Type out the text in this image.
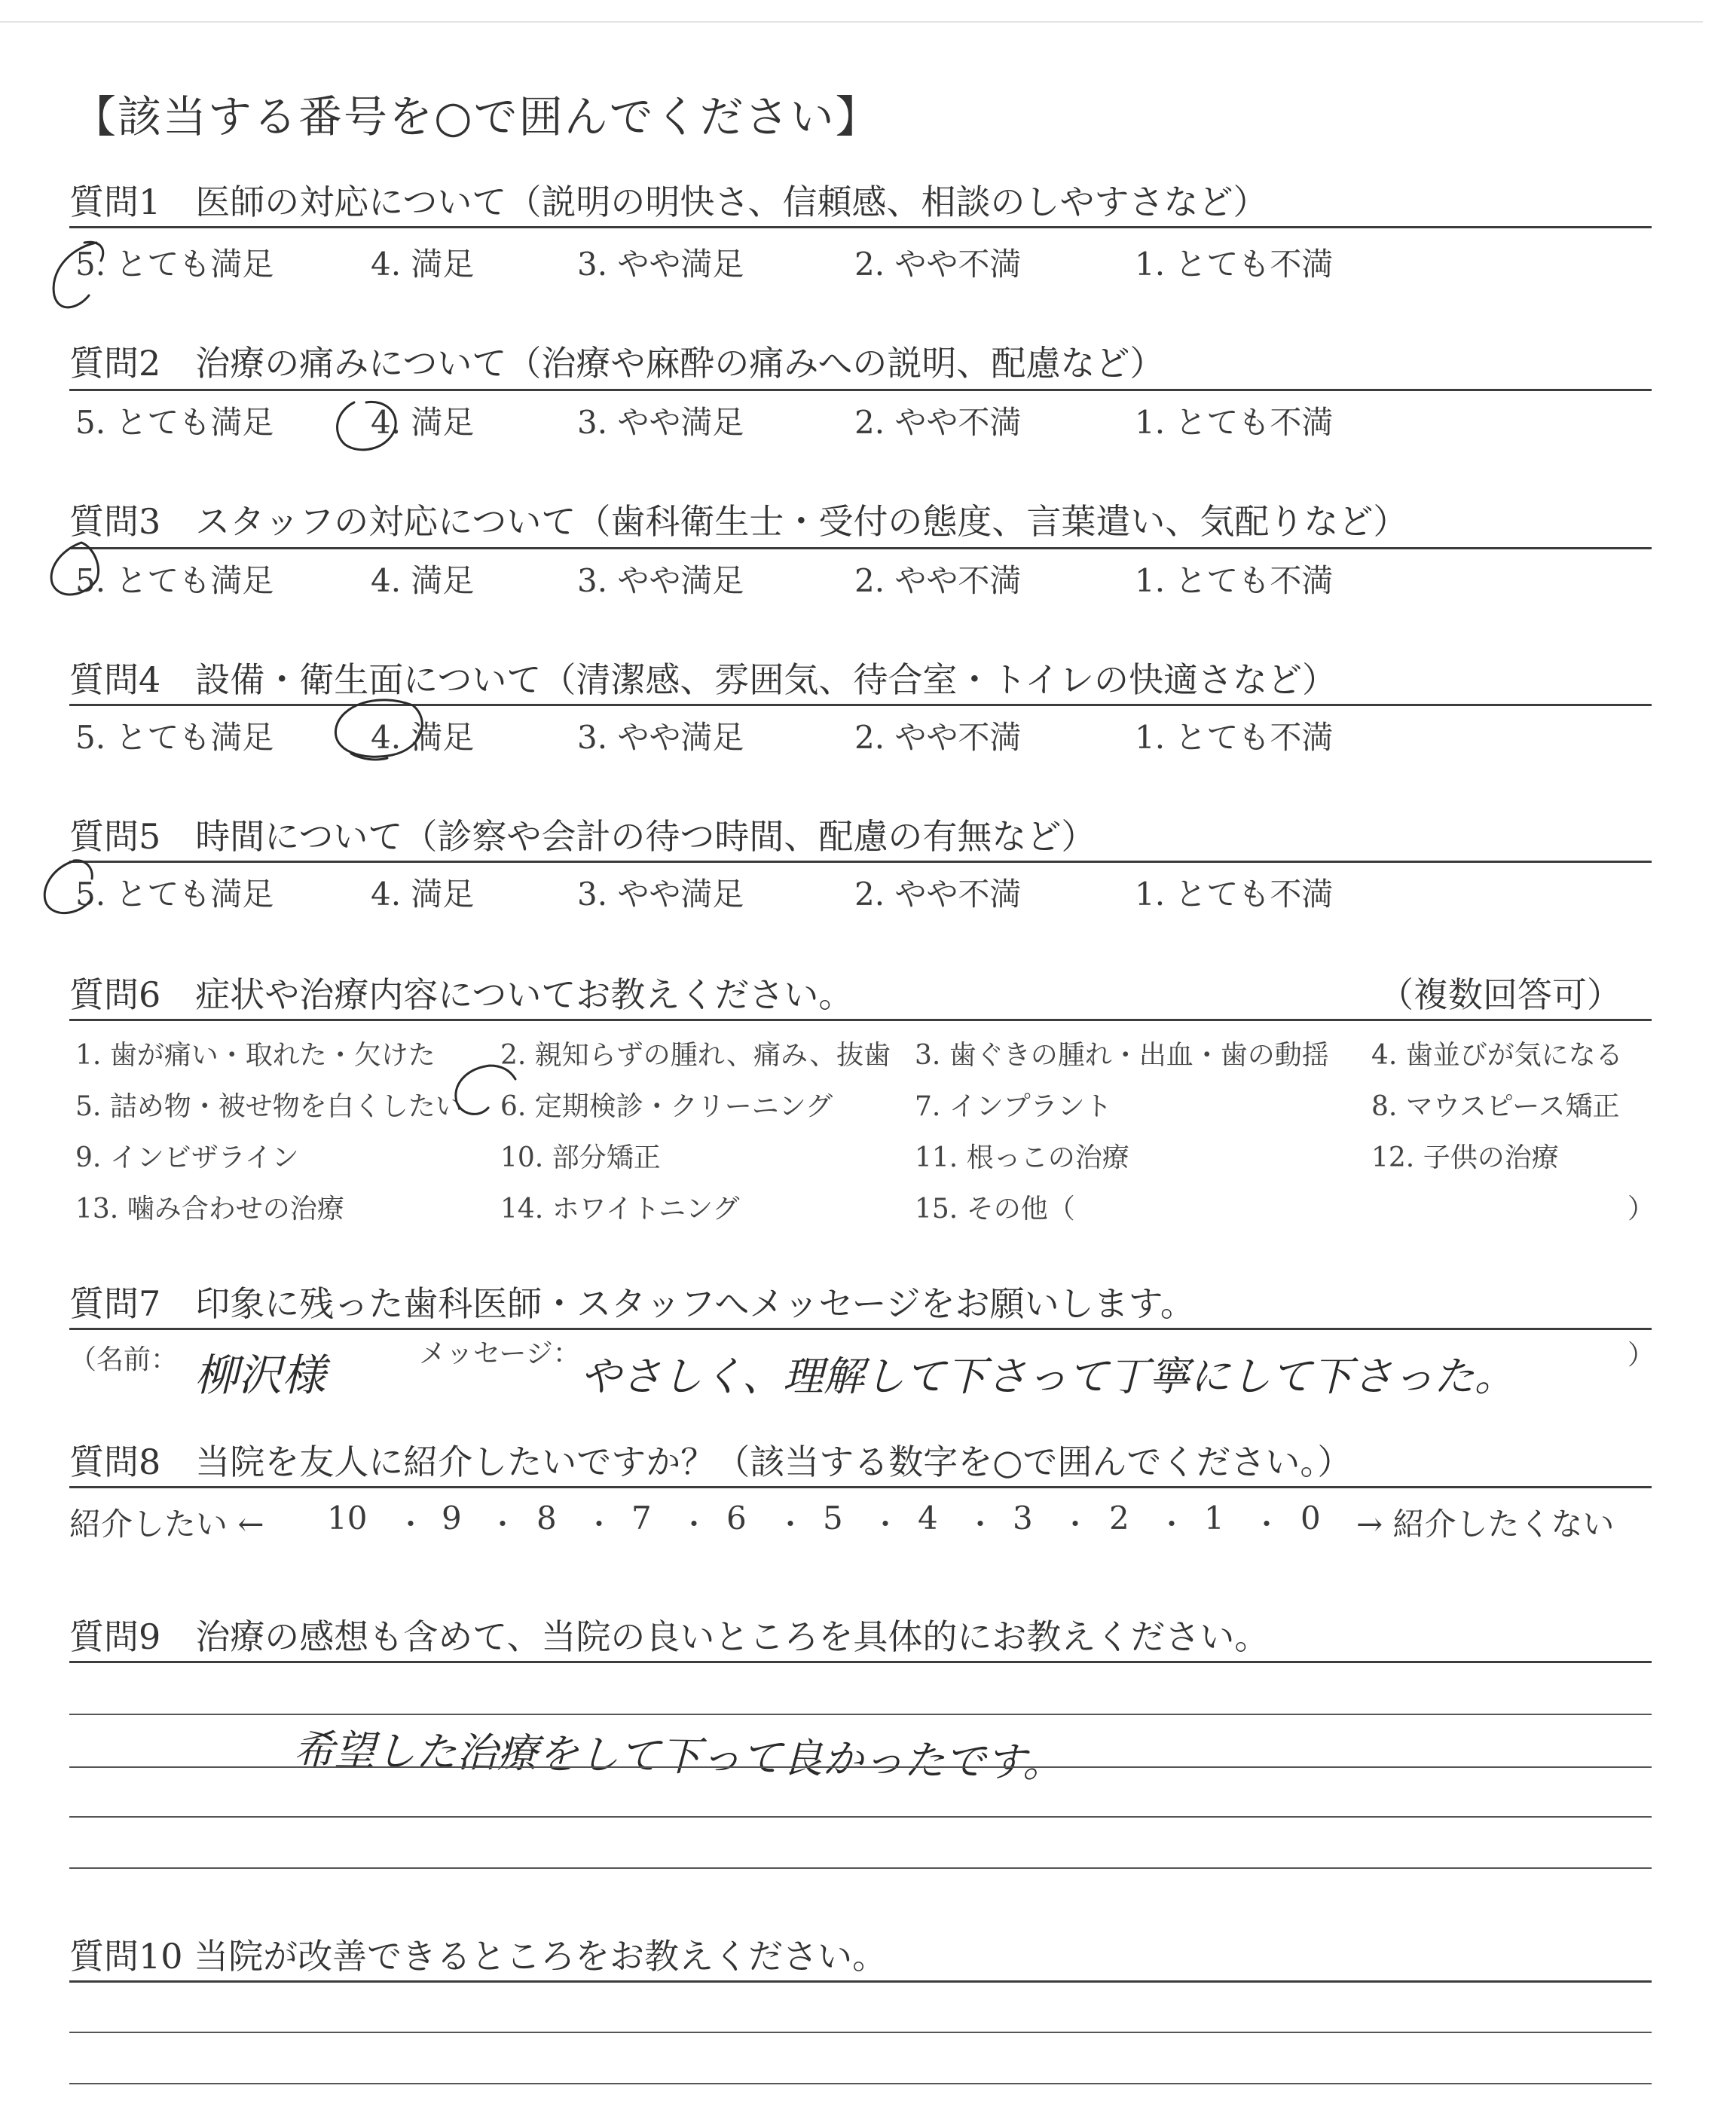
【該当する番号を○で囲んでください】
質問1　医師の対応について（説明の明快さ、信頼感、相談のしやすさなど）
5. とても満足	4. 満足	3. やや満足	2. やや不満	1. とても不満
質問2　治療の痛みについて（治療や麻酔の痛みへの説明、配慮など）
5. とても満足	4. 満足	3. やや満足	2. やや不満	1. とても不満
質問3　スタッフの対応について（歯科衛生士・受付の態度、言葉遣い、気配りなど）
5. とても満足	4. 満足	3. やや満足	2. やや不満	1. とても不満
質問4　設備・衛生面について（清潔感、雰囲気、待合室・トイレの快適さなど）
5. とても満足	4. 満足	3. やや満足	2. やや不満	1. とても不満
質問5　時間について（診察や会計の待つ時間、配慮の有無など）
5. とても満足	4. 満足	3. やや満足	2. やや不満	1. とても不満
質問6　症状や治療内容についてお教えください。	（複数回答可）
1. 歯が痛い・取れた・欠けた 2. 親知らずの腫れ、痛み、抜歯 3. 歯ぐきの腫れ・出血・歯の動揺 4. 歯並びが気になる
5. 詰め物・被せ物を白くしたい 6. 定期検診・クリーニング	7. インプラント	8. マウスピース矯正
9. インビザライン	10. 部分矯正	11. 根っこの治療	12. 子供の治療
13. 噛み合わせの治療	14. ホワイトニング	15. その他（	）
質問7　印象に残った歯科医師・スタッフへメッセージをお願いします。
（名前： 柳沢様	メッセージ： やさしく、理解して下さって丁寧にして下さった。	）
質問8　当院を友人に紹介したいですか？（該当する数字を○で囲んでください。）
紹介したい ← 10 ・ 9 ・ 8 ・ 7 ・ 6 ・ 5 ・ 4 ・ 3 ・ 2 ・ 1 ・ 0 → 紹介したくない
質問9　治療の感想も含めて、当院の良いところを具体的にお教えください。
希望した治療をして下って良かったです。
質問10 当院が改善できるところをお教えください。
